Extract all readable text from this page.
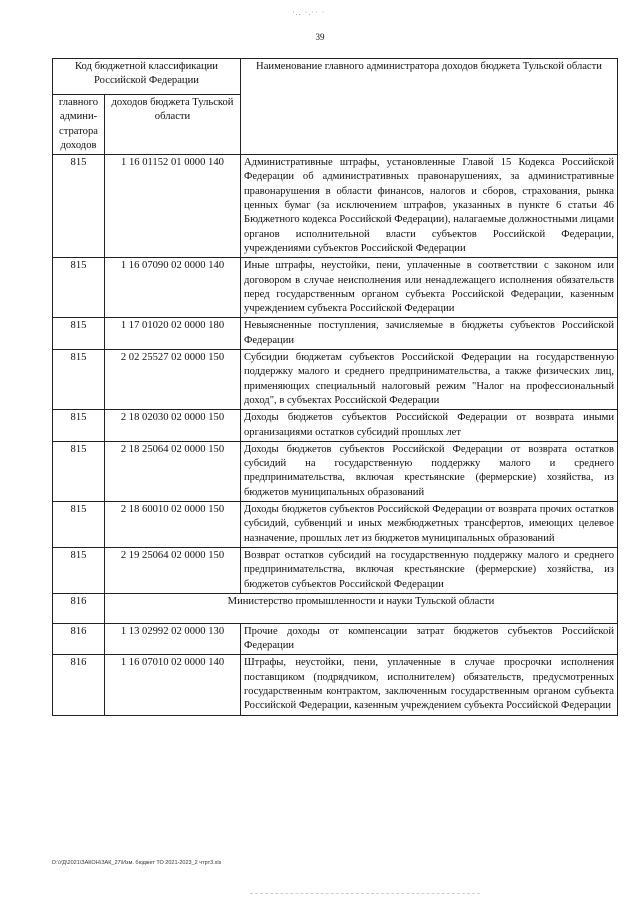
·.. ·.·· ·
39
Код бюджетной классификации Российской Федерации		Наименование главного администратора доходов бюджета Тульской области
главного админи-стратора доходов	доходов бюджета Тульской области	
815	1 16 01152 01 0000 140	Административные штрафы, установленные Главой 15 Кодекса Российской Федерации об административных правонарушениях, за административные правонарушения в области финансов, налогов и сборов, страхования, рынка ценных бумаг (за исключением штрафов, указанных в пункте 6 статьи 46 Бюджетного кодекса Российской Федерации), налагаемые должностными лицами органов исполнительной власти субъектов Российской Федерации, учреждениями субъектов Российской Федерации
815	1 16 07090 02 0000 140	Иные штрафы, неустойки, пени, уплаченные в соответствии с законом или договором в случае неисполнения или ненадлежащего исполнения обязательств перед государственным органом субъекта Российской Федерации, казенным учреждением субъекта Российской Федерации
815	1 17 01020 02 0000 180	Невыясненные поступления, зачисляемые в бюджеты субъектов Российской Федерации
815	2 02 25527 02 0000 150	Субсидии бюджетам субъектов Российской Федерации на государственную поддержку малого и среднего предпринимательства, а также физических лиц, применяющих специальный налоговый режим "Налог на профессиональный доход", в субъектах Российской Федерации
815	2 18 02030 02 0000 150	Доходы бюджетов субъектов Российской Федерации от возврата иными организациями остатков субсидий прошлых лет
815	2 18 25064 02 0000 150	Доходы бюджетов субъектов Российской Федерации от возврата остатков субсидий на государственную поддержку малого и среднего предпринимательства, включая крестьянские (фермерские) хозяйства, из бюджетов муниципальных образований
815	2 18 60010 02 0000 150	Доходы бюджетов субъектов Российской Федерации от возврата прочих остатков субсидий, субвенций и иных межбюджетных трансфертов, имеющих целевое назначение, прошлых лет из бюджетов муниципальных образований
815	2 19 25064 02 0000 150	Возврат остатков субсидий на государственную поддержку малого и среднего предпринимательства, включая крестьянские (фермерские) хозяйства, из бюджетов субъектов Российской Федерации
816	Министерство промышленности и науки Тульской области	
816	1 13 02992 02 0000 130	Прочие доходы от компенсации затрат бюджетов субъектов Российской Федерации
816	1 16 07010 02 0000 140	Штрафы, неустойки, пени, уплаченные в случае просрочки исполнения поставщиком (подрядчиком, исполнителем) обязательств, предусмотренных государственным контрактом, заключенным государственным органом субъекта Российской Федерации, казенным учреждением субъекта Российской Федерации
D:\УД\2021\ЗАКОН\ЗАК_27\Изм. бюджет ТО 2021-2023_2 чтрт3.xls
